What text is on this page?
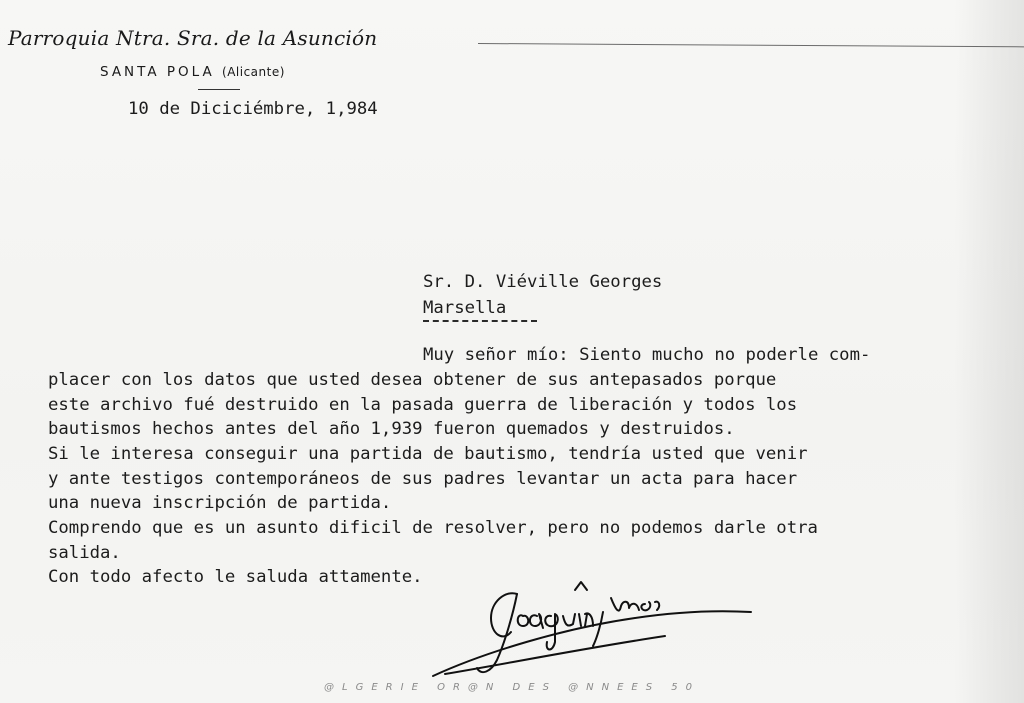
Parroquia Ntra. Sra. de la Asunción
SANTA POLA (Alicante)
10 de Diciciémbre, 1,984
Sr. D. Viéville Georges
Marsella
Muy señor mío: Siento mucho no poderle com-
placer con los datos que usted desea obtener de sus antepasados porque
este archivo fué destruido en la pasada guerra de liberación y todos los
bautismos hechos antes del año 1,939 fueron quemados y destruidos.
Si le interesa conseguir una partida de bautismo, tendría usted que venir
y ante testigos contemporáneos de sus padres levantar un acta para hacer
una nueva inscripción de partida.
Comprendo que es un asunto dificil de resolver, pero no podemos darle otra
salida.
Con todo afecto le saluda attamente.
@LGERIE OR@N DES @NNEES 50
